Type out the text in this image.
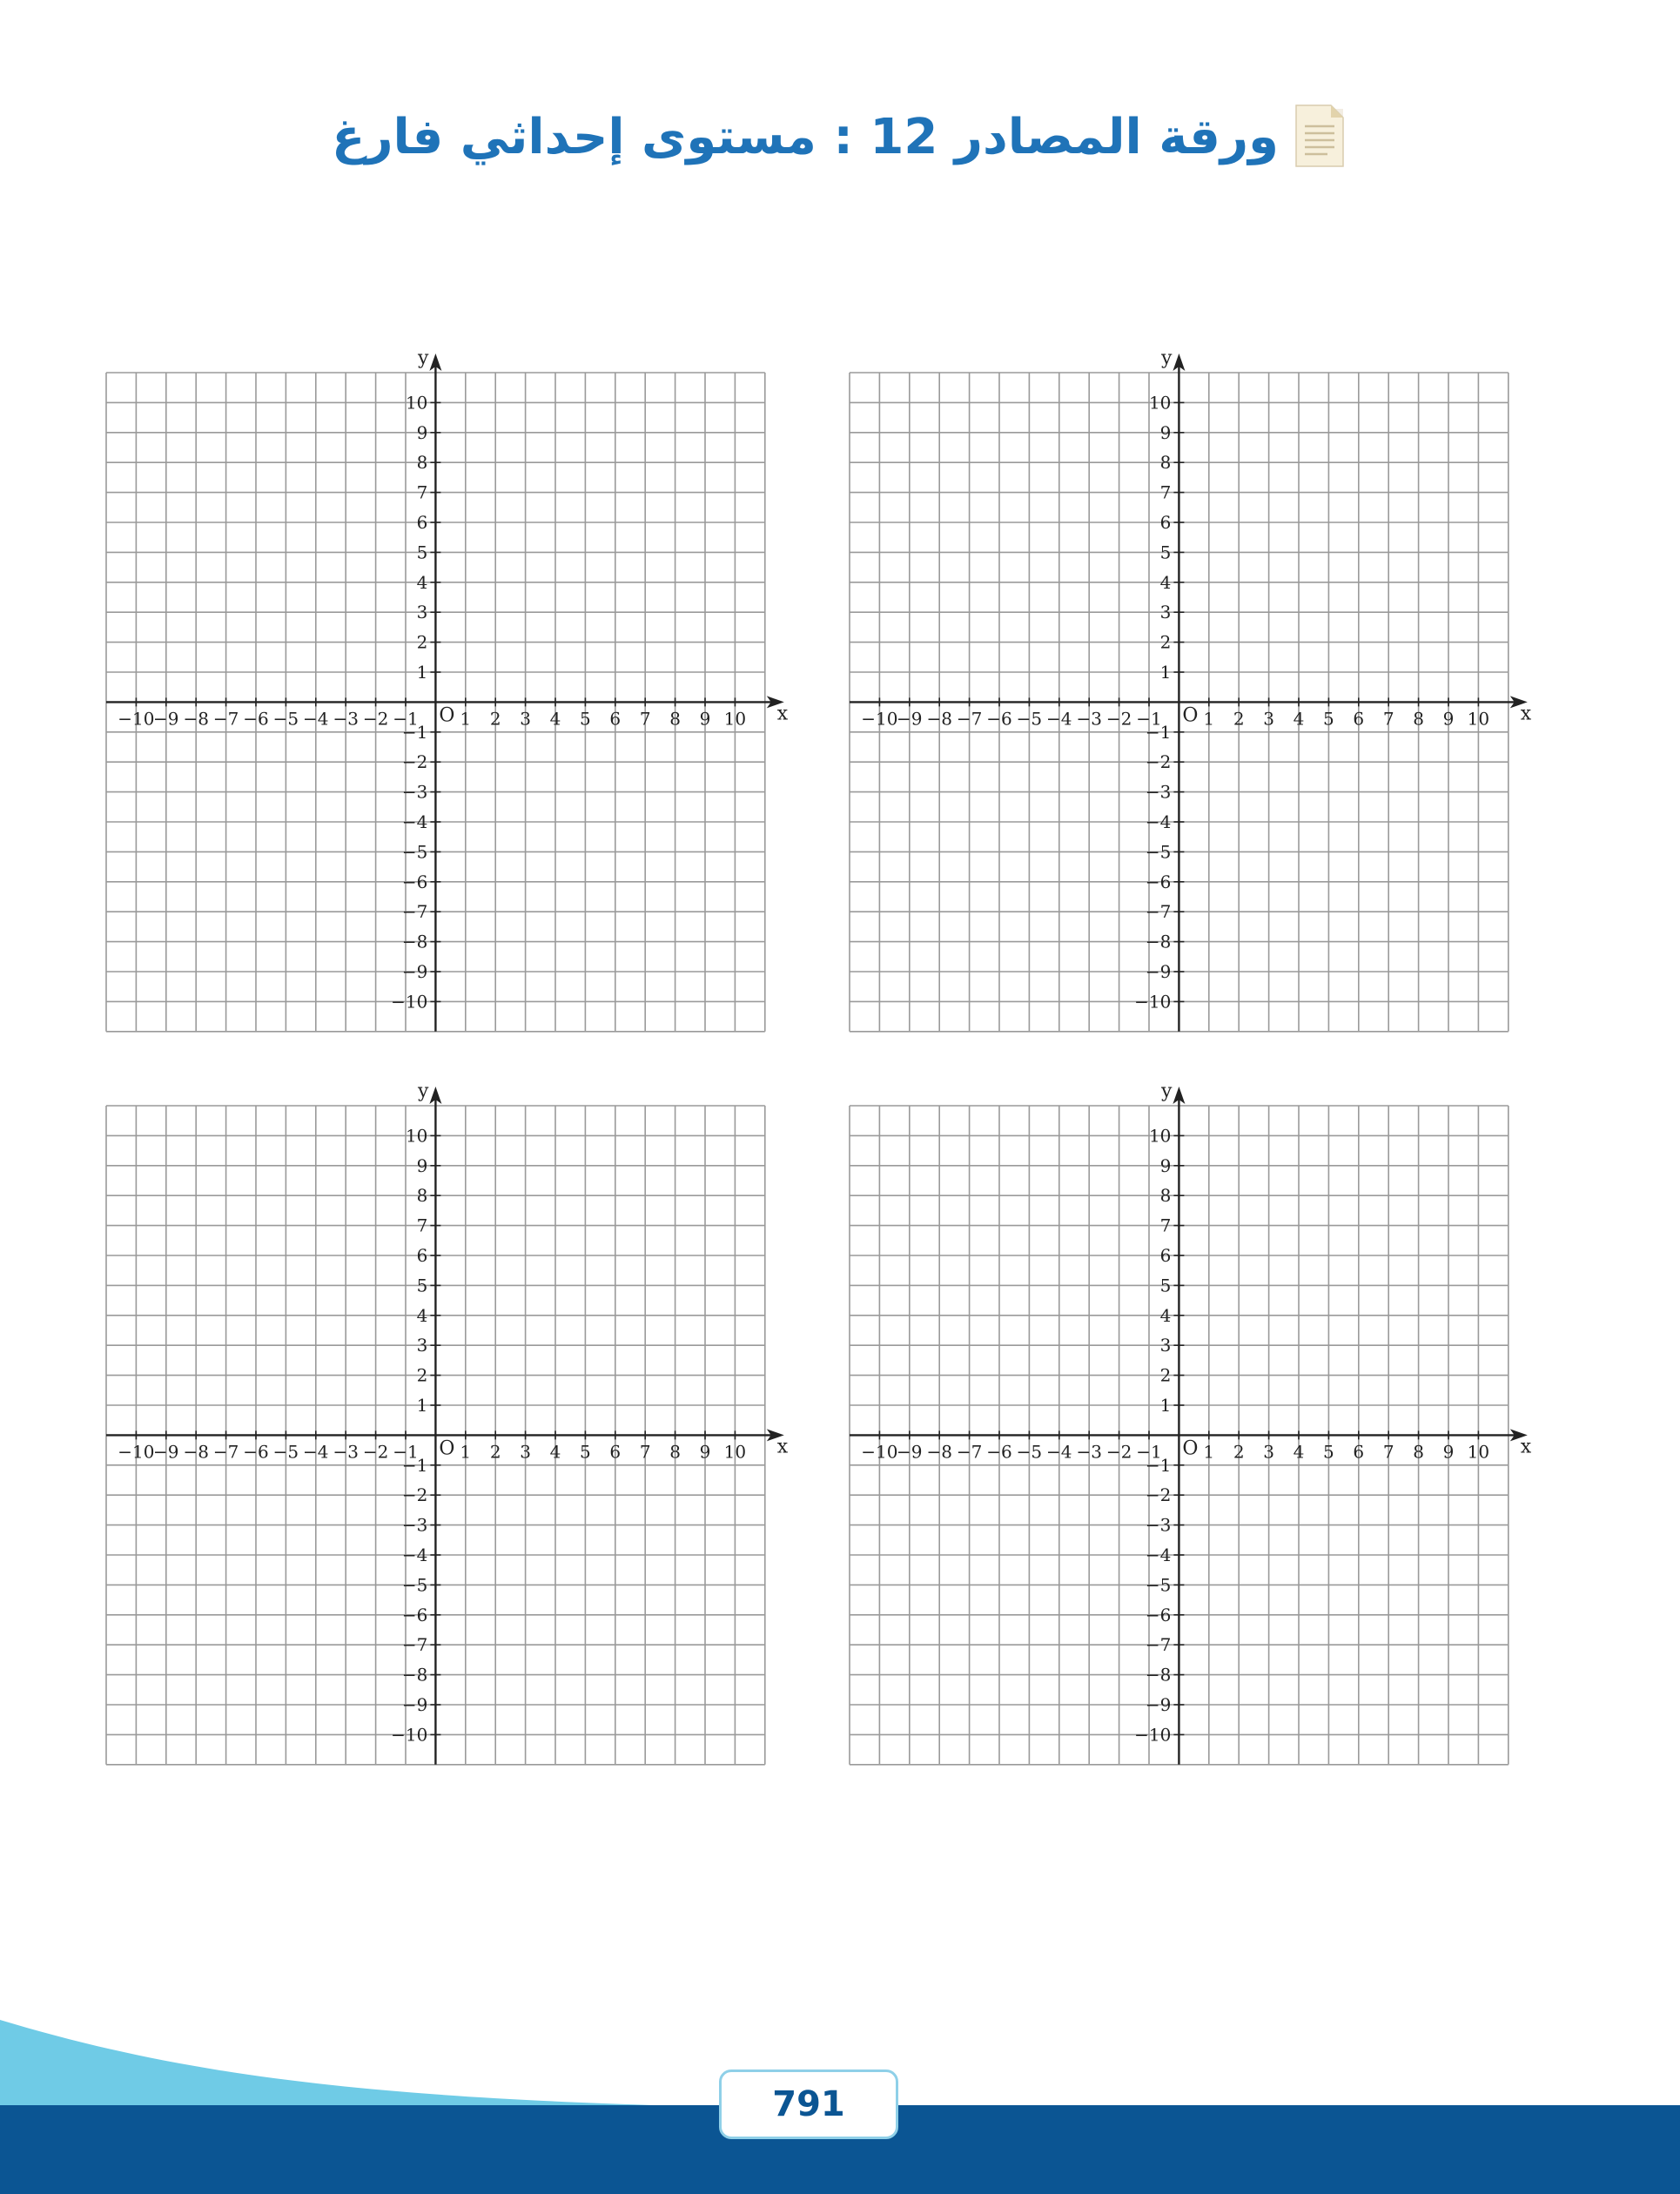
ورقة المصادر 12 : مستوى إحداثي فارغ
−10
−9 −8 −7 −6 −5 −4 −3 −2 −1 1 2 3 4 5 6 7 8 9 10
−10
−9
−8
−7
−6
−5
−4
−3
−2
−1
1
2
3
4
5
6
7
8
9
10
O	x
y
−10
−9 −8 −7 −6 −5 −4 −3 −2 −1 1 2 3 4 5 6 7 8 9 10
−10
−9
−8
−7
−6
−5
−4
−3
−2
−1
1
2
3
4
5
6
7
8
9
10
O	x
y
−10
−9 −8 −7 −6 −5 −4 −3 −2 −1 1 2 3 4 5 6 7 8 9 10
−10
−9
−8
−7
−6
−5
−4
−3
−2
−1
1
2
3
4
5
6
7
8
9
10
O	x
y
−10
−9 −8 −7 −6 −5 −4 −3 −2 −1 1 2 3 4 5 6 7 8 9 10
−10
−9
−8
−7
−6
−5
−4
−3
−2
−1
1
2
3
4
5
6
7
8
9
10
O	x
y
791
